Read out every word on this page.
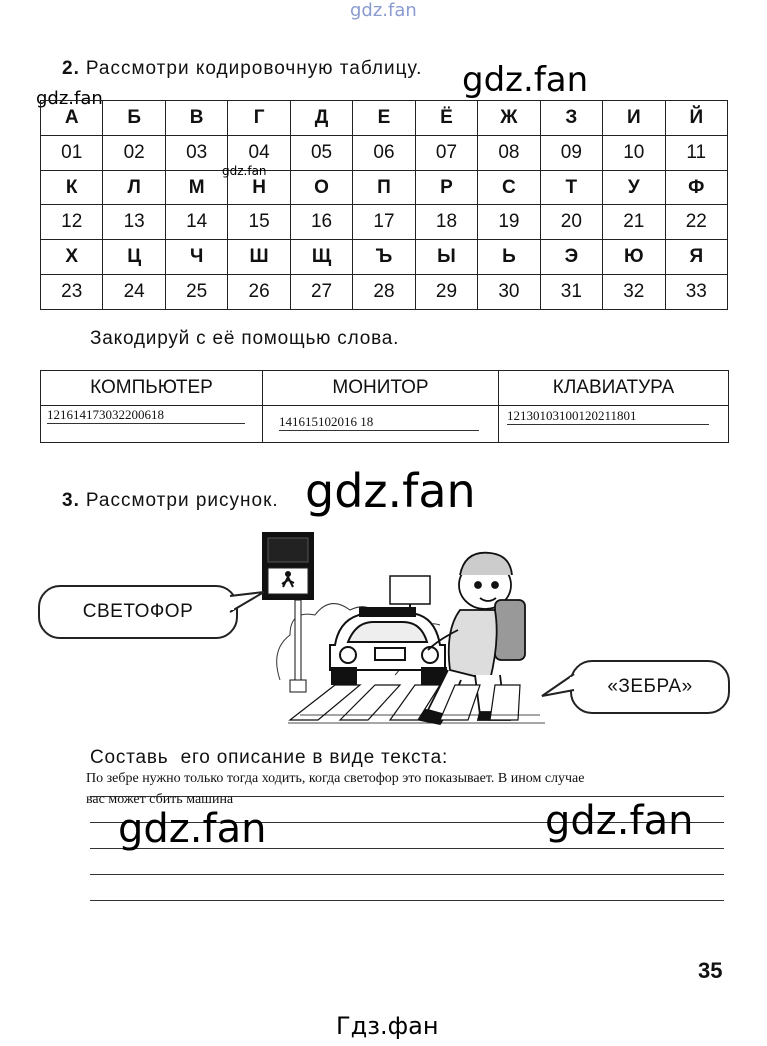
gdz.fan
gdz.fan	gdz.fan
gdz.fan
2. Рассмотри кодировочную таблицу.
А	Б	В	Г	Д	Е	Ё	Ж	З	И	Й
01	02	03	04	05	06	07	08	09	10	11
К	Л	М	Н	О	П	Р	С	Т	У	Ф
12	13	14	15	16	17	18	19	20	21	22
Х	Ц	Ч	Ш	Щ	Ъ	Ы	Ь	Э	Ю	Я
23	24	25	26	27	28	29	30	31	32	33
Закодируй с её помощью слова.
КОМПЬЮТЕР	МОНИТОР	КЛАВИАТУРА

121614173032200618	141615102016 18	12130103100120211801
3. Рассмотри рисунок. gdz.fan
СВЕТОФОР
«ЗЕБРА»
Составь  его описание в виде текста:
По зебре нужно только тогда ходить, когда светофор это показывает. В ином случае
вас может сбить машина
gdz.fan	gdz.fan
35
Гдз.фан
